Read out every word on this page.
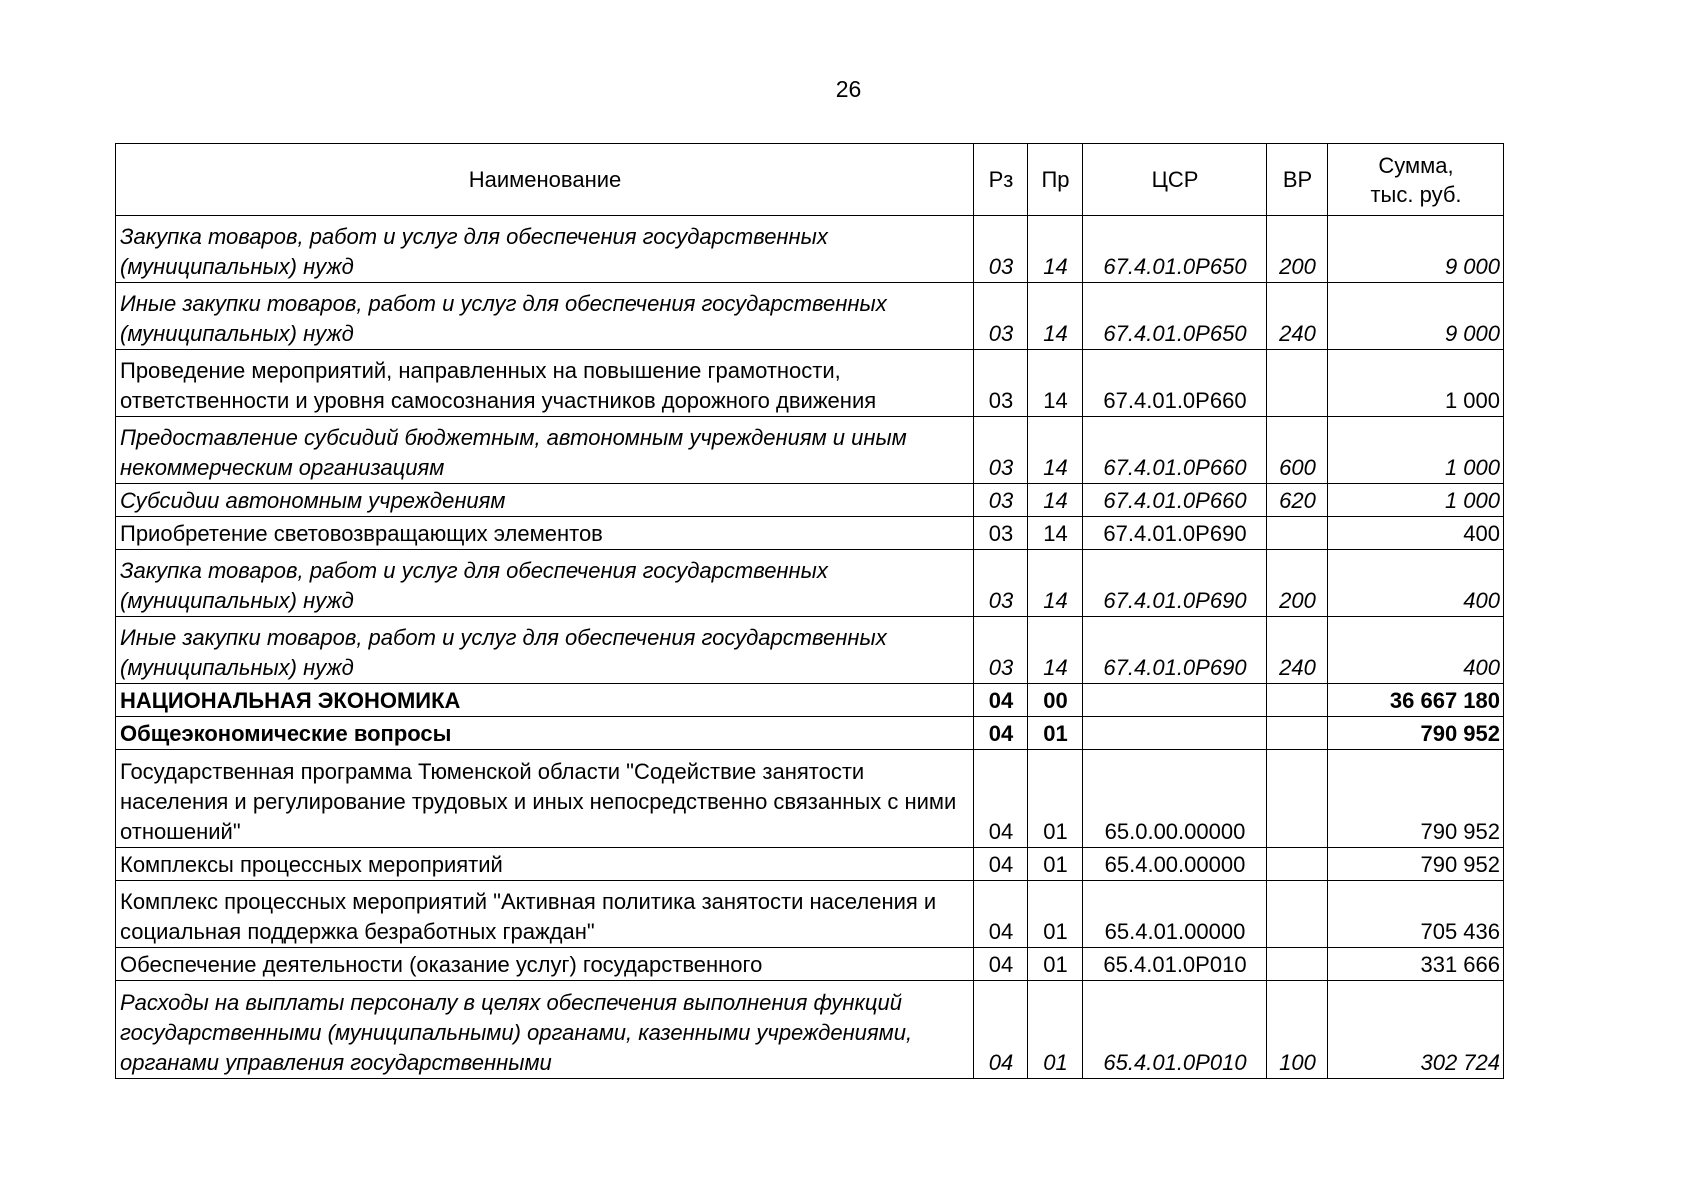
26
Наименование	Рз	Пр	ЦСР	ВР	Сумма,
тыс. руб.
Закупка товаров, работ и услуг для обеспечения государственных (муниципальных) нужд	03	14	67.4.01.0Р650	200	9 000
Иные закупки товаров, работ и услуг для обеспечения государственных (муниципальных) нужд	03	14	67.4.01.0Р650	240	9 000
Проведение мероприятий, направленных на повышение грамотности, ответственности и уровня самосознания участников дорожного движения	03	14	67.4.01.0Р660		1 000
Предоставление субсидий бюджетным, автономным учреждениям и иным некоммерческим организациям	03	14	67.4.01.0Р660	600	1 000
Субсидии автономным учреждениям	03	14	67.4.01.0Р660	620	1 000
Приобретение световозвращающих элементов	03	14	67.4.01.0Р690		400
Закупка товаров, работ и услуг для обеспечения государственных (муниципальных) нужд	03	14	67.4.01.0Р690	200	400
Иные закупки товаров, работ и услуг для обеспечения государственных (муниципальных) нужд	03	14	67.4.01.0Р690	240	400
НАЦИОНАЛЬНАЯ ЭКОНОМИКА	04	00			36 667 180
Общеэкономические вопросы	04	01			790 952
Государственная программа Тюменской области "Содействие занятости населения и регулирование трудовых и иных непосредственно связанных с ними отношений"	04	01	65.0.00.00000		790 952
Комплексы процессных мероприятий	04	01	65.4.00.00000		790 952
Комплекс процессных мероприятий "Активная политика занятости населения и социальная поддержка безработных граждан"	04	01	65.4.01.00000		705 436
Обеспечение деятельности (оказание услуг) государственного	04	01	65.4.01.0Р010		331 666
Расходы на выплаты персоналу в целях обеспечения выполнения функций государственными (муниципальными) органами, казенными учреждениями, органами управления государственными	04	01	65.4.01.0Р010	100	302 724
